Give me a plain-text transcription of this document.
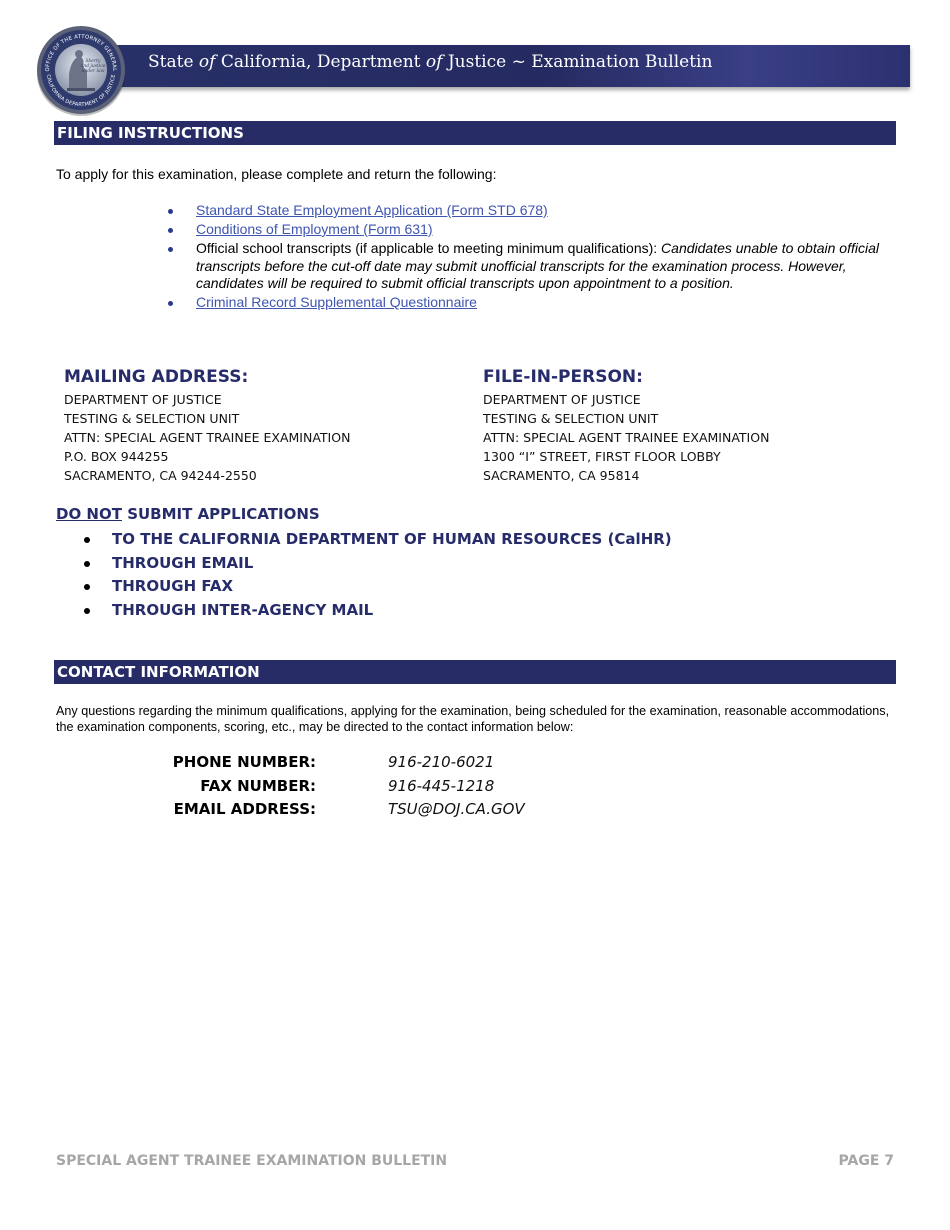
State of California, Department of Justice ~ Examination Bulletin
OFFICE OF THE ATTORNEY GENERAL
CALIFORNIA DEPARTMENT OF JUSTICE
liberty
and justice
under law
FILING INSTRUCTIONS
To apply for this examination, please complete and return the following:
Standard State Employment Application (Form STD 678)
Conditions of Employment (Form 631)
Official school transcripts (if applicable to meeting minimum qualifications): Candidates unable to obtain official transcripts before the cut-off date may submit unofficial transcripts for the examination process. However, candidates will be required to submit official transcripts upon appointment to a position.
Criminal Record Supplemental Questionnaire
MAILING ADDRESS:
DEPARTMENT OF JUSTICE
TESTING & SELECTION UNIT
ATTN: SPECIAL AGENT TRAINEE EXAMINATION
P.O. BOX 944255
SACRAMENTO, CA 94244-2550
FILE-IN-PERSON:
DEPARTMENT OF JUSTICE
TESTING & SELECTION UNIT
ATTN: SPECIAL AGENT TRAINEE EXAMINATION
1300 “I” STREET, FIRST FLOOR LOBBY
SACRAMENTO, CA 95814
DO NOT SUBMIT APPLICATIONS
TO THE CALIFORNIA DEPARTMENT OF HUMAN RESOURCES (CalHR)
THROUGH EMAIL
THROUGH FAX
THROUGH INTER-AGENCY MAIL
CONTACT INFORMATION
Any questions regarding the minimum qualifications, applying for the examination, being scheduled for the examination, reasonable accommodations, the examination components, scoring, etc., may be directed to the contact information below:
PHONE NUMBER:	916-210-6021
FAX NUMBER:	916-445-1218
EMAIL ADDRESS:	TSU@DOJ.CA.GOV
SPECIAL AGENT TRAINEE EXAMINATION BULLETIN	PAGE 7
